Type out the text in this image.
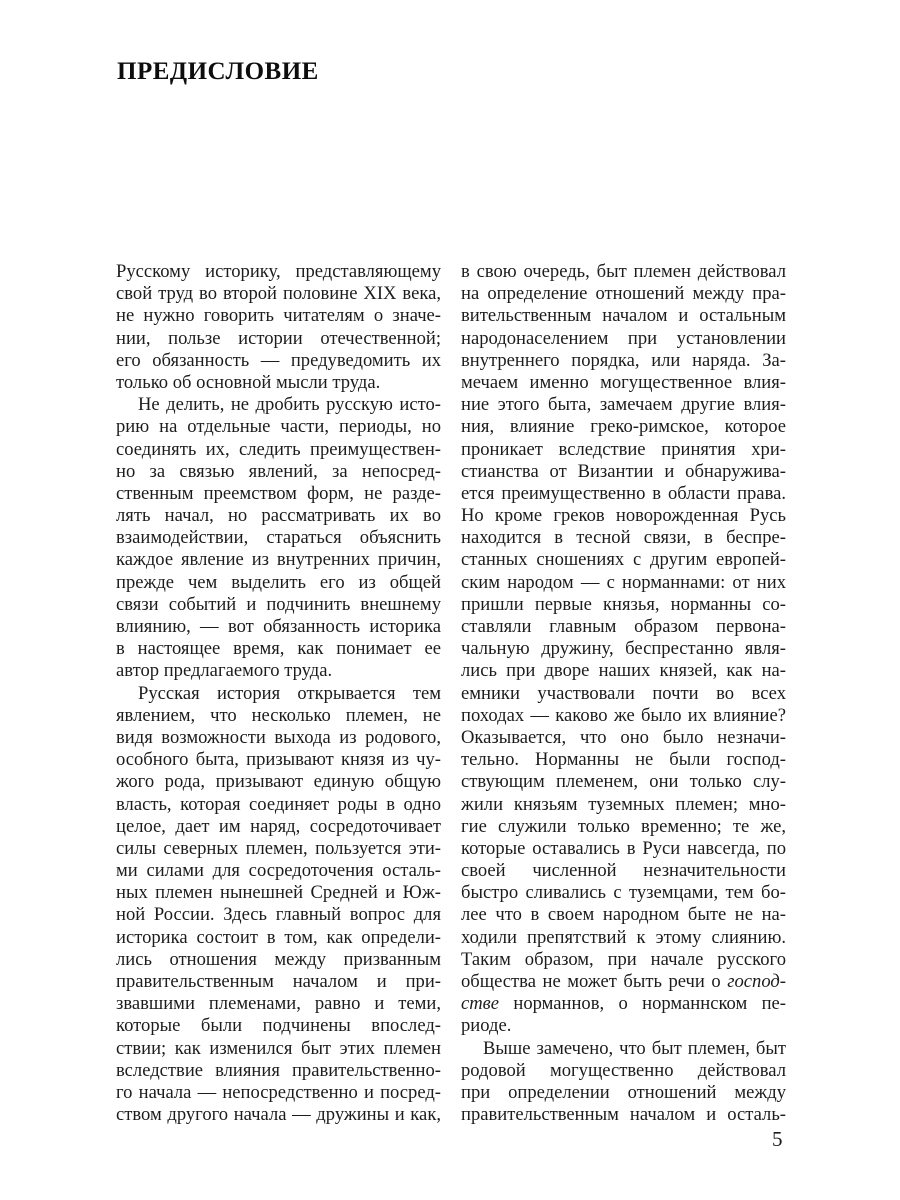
ПРЕДИСЛОВИЕ
Русскому историку, представляющему
свой труд во второй половине XIX века,
не нужно говорить читателям о значе-
нии, пользе истории отечественной;
его обязанность — предуведомить их
только об основной мысли труда.
Не делить, не дробить русскую исто-
рию на отдельные части, периоды, но
соединять их, следить преимуществен-
но за связью явлений, за непосред-
ственным преемством форм, не разде-
лять начал, но рассматривать их во
взаимодействии, стараться объяснить
каждое явление из внутренних причин,
прежде чем выделить его из общей
связи событий и подчинить внешнему
влиянию, — вот обязанность историка
в настоящее время, как понимает ее
автор предлагаемого труда.
Русская история открывается тем
явлением, что несколько племен, не
видя возможности выхода из родового,
особного быта, призывают князя из чу-
жого рода, призывают единую общую
власть, которая соединяет роды в одно
целое, дает им наряд, сосредоточивает
силы северных племен, пользуется эти-
ми силами для сосредоточения осталь-
ных племен нынешней Средней и Юж-
ной России. Здесь главный вопрос для
историка состоит в том, как определи-
лись отношения между призванным
правительственным началом и при-
звавшими племенами, равно и теми,
которые были подчинены впослед-
ствии; как изменился быт этих племен
вследствие влияния правительственно-
го начала — непосредственно и посред-
ством другого начала — дружины и как,
в свою очередь, быт племен действовал
на определение отношений между пра-
вительственным началом и остальным
народонаселением при установлении
внутреннего порядка, или наряда. За-
мечаем именно могущественное влия-
ние этого быта, замечаем другие влия-
ния, влияние греко-римское, которое
проникает вследствие принятия хри-
стианства от Византии и обнаружива-
ется преимущественно в области права.
Но кроме греков новорожденная Русь
находится в тесной связи, в беспре-
станных сношениях с другим европей-
ским народом — с норманнами: от них
пришли первые князья, норманны со-
ставляли главным образом первона-
чальную дружину, беспрестанно явля-
лись при дворе наших князей, как на-
емники участвовали почти во всех
походах — каково же было их влияние?
Оказывается, что оно было незначи-
тельно. Норманны не были господ-
ствующим племенем, они только слу-
жили князьям туземных племен; мно-
гие служили только временно; те же,
которые оставались в Руси навсегда, по
своей численной незначительности
быстро сливались с туземцами, тем бо-
лее что в своем народном быте не на-
ходили препятствий к этому слиянию.
Таким образом, при начале русского
общества не может быть речи о господ-
стве норманнов, о норманнском пе-
риоде.
Выше замечено, что быт племен, быт
родовой могущественно действовал
при определении отношений между
правительственным началом и осталь-
5
